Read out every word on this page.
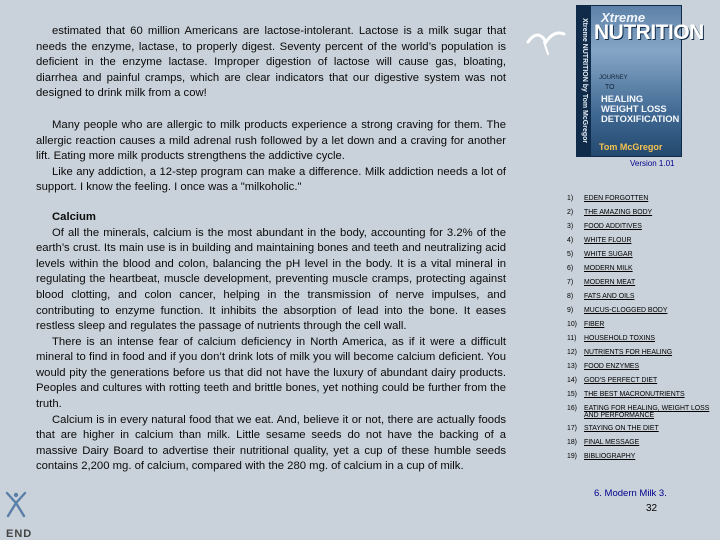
estimated that 60 million Americans are lactose-intolerant. Lactose is a milk sugar that needs the enzyme, lactase, to properly digest. Seventy percent of the world’s population is deficient in the enzyme lactase. Improper digestion of lactose will cause gas, bloating, diarrhea and painful cramps, which are clear indicators that our digestive system was not designed to drink milk from a cow!

Many people who are allergic to milk products experience a strong craving for them. The allergic reaction causes a mild adrenal rush followed by a let down and a craving for another lift. Eating more milk products strengthens the addictive cycle.

Like any addiction, a 12-step program can make a difference. Milk addiction needs a lot of support. I know the feeling. I once was a "milkoholic."

Calcium

Of all the minerals, calcium is the most abundant in the body, accounting for 3.2% of the earth’s crust. Its main use is in building and maintaining bones and teeth and neutralizing acid levels within the blood and colon, balancing the pH level in the body. It is a vital mineral in regulating the heartbeat, muscle development, preventing muscle cramps, protecting against blood clotting, and colon cancer, helping in the transmission of nerve impulses, and contributing to enzyme function. It inhibits the absorption of lead into the bone. It eases restless sleep and regulates the passage of nutrients through the cell wall.

There is an intense fear of calcium deficiency in North America, as if it were a difficult mineral to find in food and if you don’t drink lots of milk you will become calcium deficient. You would pity the generations before us that did not have the luxury of abundant dairy products. Peoples and cultures with rotting teeth and brittle bones, yet nothing could be further from the truth.

Calcium is in every natural food that we eat. And, believe it or not, there are actually foods that are higher in calcium than milk. Little sesame seeds do not have the backing of a massive Dairy Board to advertise their nutritional quality, yet a cup of these humble seeds contains 2,200 mg. of calcium, compared with the 280 mg. of calcium in a cup of milk.

END
Xtreme NUTRITION by Tom McGregor
Xtreme
NUTRITION
JOURNEY
TO
HEALING
WEIGHT LOSS
DETOXIFICATION
Tom McGregor
Version 1.01
1) EDEN FORGOTTEN
2) THE AMAZING BODY
3) FOOD ADDITIVES
4) WHITE FLOUR
5) WHITE SUGAR
6) MODERN MILK
7) MODERN MEAT
8) FATS AND OILS
9) MUCUS-CLOGGED BODY
10) FIBER
11) HOUSEHOLD TOXINS
12) NUTRIENTS FOR HEALING
13) FOOD ENZYMES
14) GOD'S PERFECT DIET
15) THE BEST MACRONUTRIENTS
16) EATING FOR HEALING, WEIGHT LOSS AND PERFORMANCE
17) STAYING ON THE DIET
18) FINAL MESSAGE
19) BIBLIOGRAPHY
6. Modern Milk 3.
32
